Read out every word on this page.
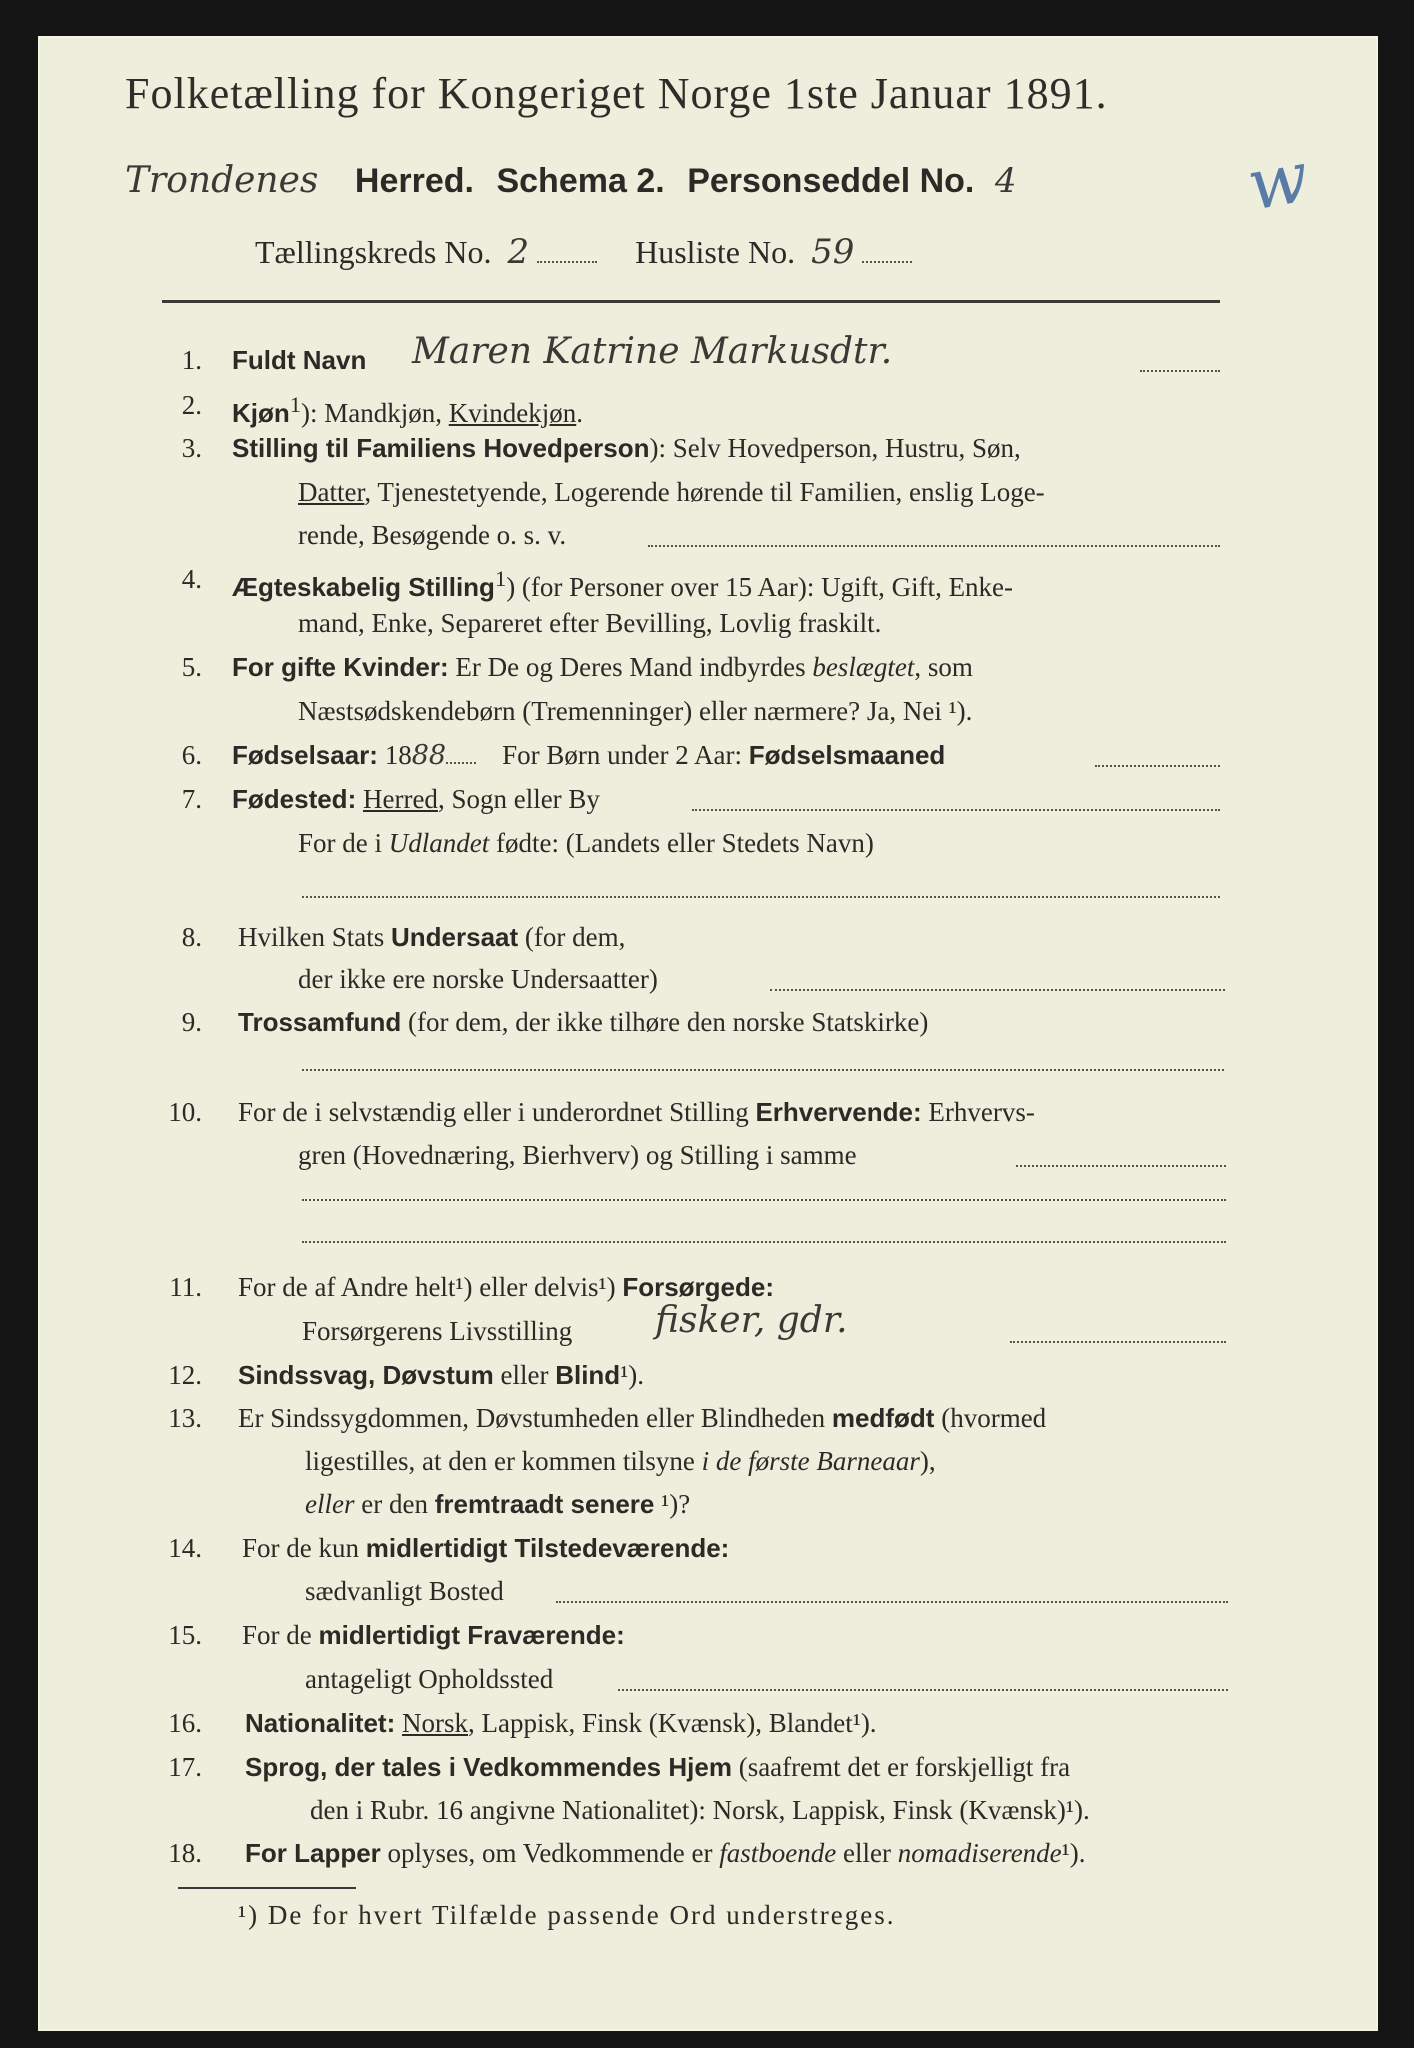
Folketælling for Kongeriget Norge 1ste Januar 1891.
w
Trondenes Herred. Schema 2. Personseddel No. 4
Tællingskreds No. 2	Husliste No. 59
1. Fuldt Navn Maren Katrine Markusdtr.
2. Kjøn$^1$): Mandkjøn, Kvindekjøn.
3. Stilling til Familiens Hovedperson): Selv Hovedperson, Hustru, Søn,
Datter, Tjenestetyende, Logerende hørende til Familien, enslig Loge-
rende, Besøgende o. s. v.
4. Ægteskabelig Stilling$^1$) (for Personer over 15 Aar): Ugift, Gift, Enke-
mand, Enke, Separeret efter Bevilling, Lovlig fraskilt.
5. For gifte Kvinder: Er De og Deres Mand indbyrdes beslægtet, som
Næstsødskendebørn (Tremenninger) eller nærmere? Ja, Nei ¹).
6. Fødselsaar: 1888 For Børn under 2 Aar: Fødselsmaaned
7. Fødested: Herred, Sogn eller By
For de i Udlandet fødte: (Landets eller Stedets Navn)
8. Hvilken Stats Undersaat (for dem,
der ikke ere norske Undersaatter)
9. Trossamfund (for dem, der ikke tilhøre den norske Statskirke)
10. For de i selvstændig eller i underordnet Stilling Erhvervende: Erhvervs-
gren (Hovednæring, Bierhverv) og Stilling i samme
11. For de af Andre helt¹) eller delvis¹) Forsørgede:
Forsørgerens Livsstilling fisker, gdr.
12. Sindssvag, Døvstum eller Blind¹).
13. Er Sindssygdommen, Døvstumheden eller Blindheden medfødt (hvormed
ligestilles, at den er kommen tilsyne i de første Barneaar),
eller er den fremtraadt senere ¹)?
14. For de kun midlertidigt Tilstedeværende:
sædvanligt Bosted
15. For de midlertidigt Fraværende:
antageligt Opholdssted
16. Nationalitet: Norsk, Lappisk, Finsk (Kvænsk), Blandet¹).
17. Sprog, der tales i Vedkommendes Hjem (saafremt det er forskjelligt fra
den i Rubr. 16 angivne Nationalitet): Norsk, Lappisk, Finsk (Kvænsk)¹).
18. For Lapper oplyses, om Vedkommende er fastboende eller nomadiserende¹).
¹) De for hvert Tilfælde passende Ord understreges.
